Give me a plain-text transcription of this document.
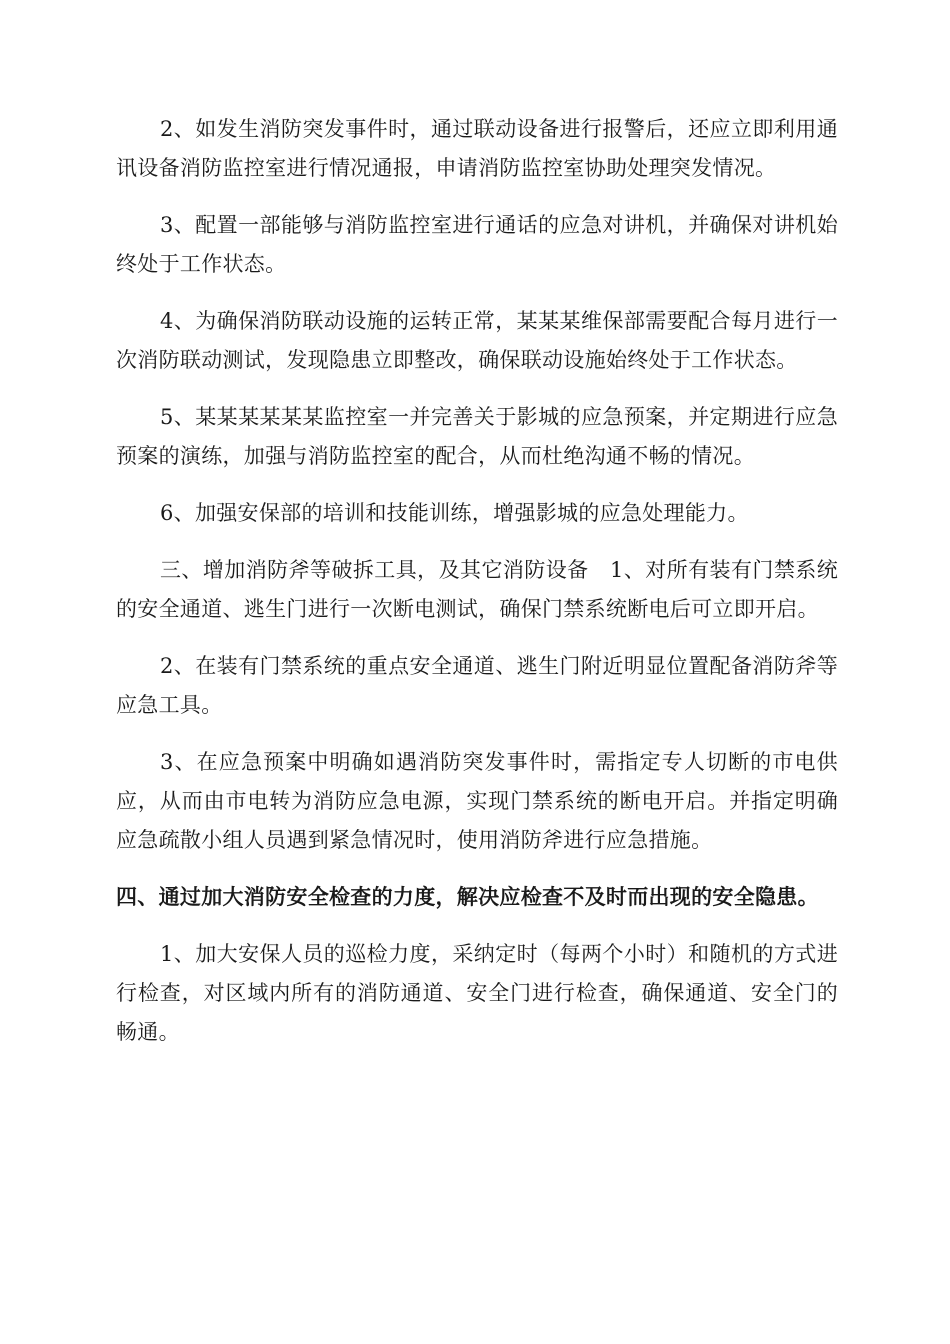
2、如发生消防突发事件时，通过联动设备进行报警后，还应立即利用通讯设备消防监控室进行情况通报，申请消防监控室协助处理突发情况。

3、配置一部能够与消防监控室进行通话的应急对讲机，并确保对讲机始终处于工作状态。

4、为确保消防联动设施的运转正常，某某某维保部需要配合每月进行一次消防联动测试，发现隐患立即整改，确保联动设施始终处于工作状态。

5、某某某某某某监控室一并完善关于影城的应急预案，并定期进行应急预案的演练，加强与消防监控室的配合，从而杜绝沟通不畅的情况。

6、加强安保部的培训和技能训练，增强影城的应急处理能力。

三、增加消防斧等破拆工具，及其它消防设备　1、对所有装有门禁系统的安全通道、逃生门进行一次断电测试，确保门禁系统断电后可立即开启。

2、在装有门禁系统的重点安全通道、逃生门附近明显位置配备消防斧等应急工具。

3、在应急预案中明确如遇消防突发事件时，需指定专人切断的市电供应，从而由市电转为消防应急电源，实现门禁系统的断电开启。并指定明确应急疏散小组人员遇到紧急情况时，使用消防斧进行应急措施。

四、通过加大消防安全检查的力度，解决应检查不及时而出现的安全隐患。

1、加大安保人员的巡检力度，采纳定时（每两个小时）和随机的方式进行检查，对区域内所有的消防通道、安全门进行检查，确保通道、安全门的畅通。
